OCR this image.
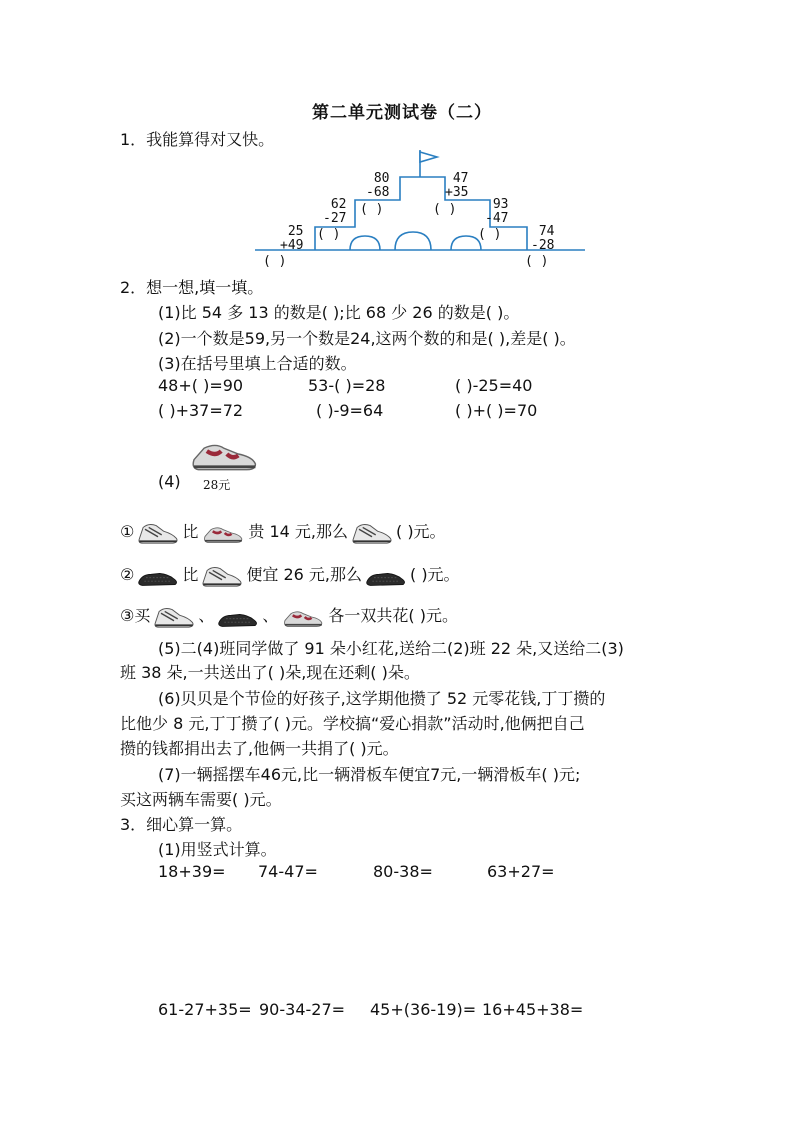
第二单元测试卷（二）
1．我能算得对又快。
25
+49
( )
62
-27
( )
80
-68
( )
47
+35
( )	93
-47
( )	74
-28
( )
2．想一想,填一填。
(1)比 54 多 13 的数是( );比 68 少 26 的数是( )。
(2)一个数是59,另一个数是24,这两个数的和是( ),差是( )。
(3)在括号里填上合适的数。
48+( )=90	53-( )=28	( )-25=40
( )+37=72	( )-9=64	( )+( )=70
(4) 28元
①	比	贵 14 元,那么	( )元。
②	比	便宜 26 元,那么	( )元。
③买	、	、	各一双共花( )元。
(5)二(4)班同学做了 91 朵小红花,送给二(2)班 22 朵,又送给二(3)
班 38 朵,一共送出了( )朵,现在还剩( )朵。
(6)贝贝是个节俭的好孩子,这学期他攒了 52 元零花钱,丁丁攒的
比他少 8 元,丁丁攒了( )元。学校搞“爱心捐款”活动时,他俩把自己
攒的钱都捐出去了,他俩一共捐了( )元。
(7)一辆摇摆车46元,比一辆滑板车便宜7元,一辆滑板车( )元;
买这两辆车需要( )元。
3．细心算一算。
(1)用竖式计算。
18+39= 74-47=	80-38=	63+27=
61-27+35= 90-34-27= 45+(36-19)= 16+45+38=
